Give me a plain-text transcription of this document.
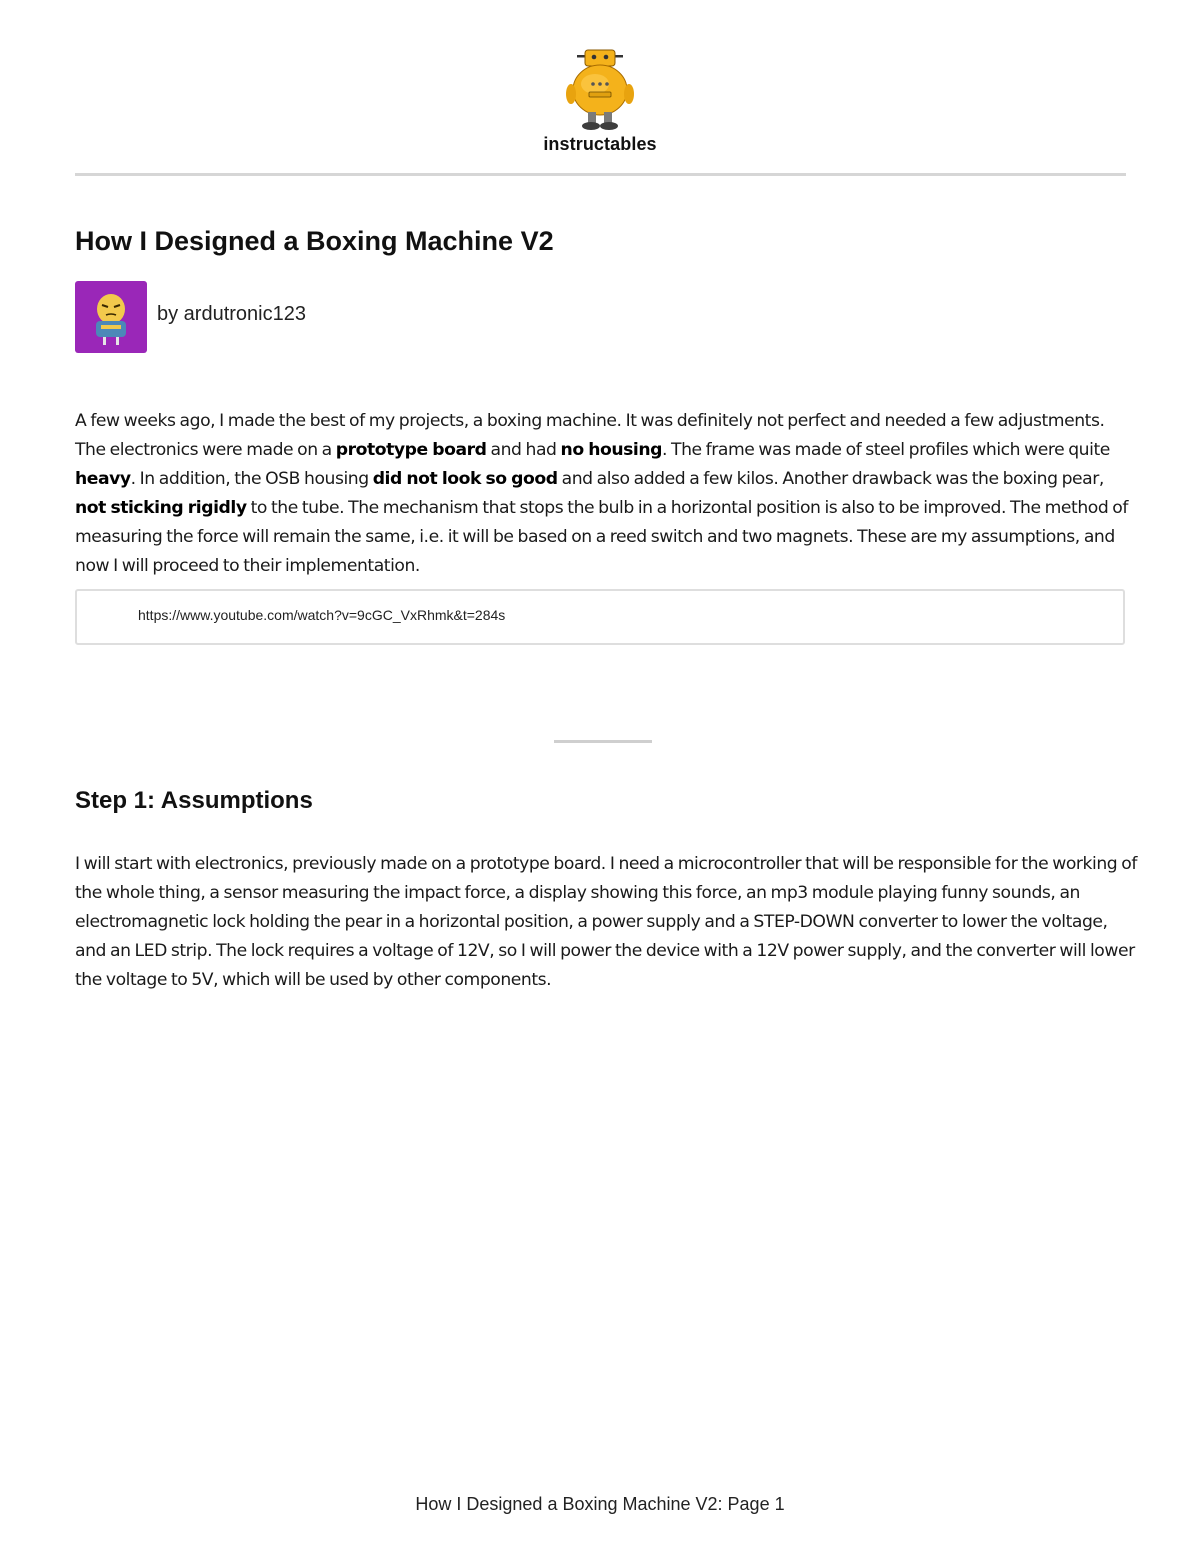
instructables
How I Designed a Boxing Machine V2
by ardutronic123

A few weeks ago, I made the best of my projects, a boxing machine. It was definitely not perfect and needed a few adjustments. The electronics were made on a prototype board and had no housing. The frame was made of steel profiles which were quite heavy. In addition, the OSB housing did not look so good and also added a few kilos. Another drawback was the boxing pear, not sticking rigidly to the tube. The mechanism that stops the bulb in a horizontal position is also to be improved. The method of measuring the force will remain the same, i.e. it will be based on a reed switch and two magnets. These are my assumptions, and now I will proceed to their implementation.

https://www.youtube.com/watch?v=9cGC_VxRhmk&t=284s
Step 1: Assumptions

I will start with electronics, previously made on a prototype board. I need a microcontroller that will be responsible for the working of the whole thing, a sensor measuring the impact force, a display showing this force, an mp3 module playing funny sounds, an electromagnetic lock holding the pear in a horizontal position, a power supply and a STEP-DOWN converter to lower the voltage, and an LED strip. The lock requires a voltage of 12V, so I will power the device with a 12V power supply, and the converter will lower the voltage to 5V, which will be used by other components.

How I Designed a Boxing Machine V2: Page 1
